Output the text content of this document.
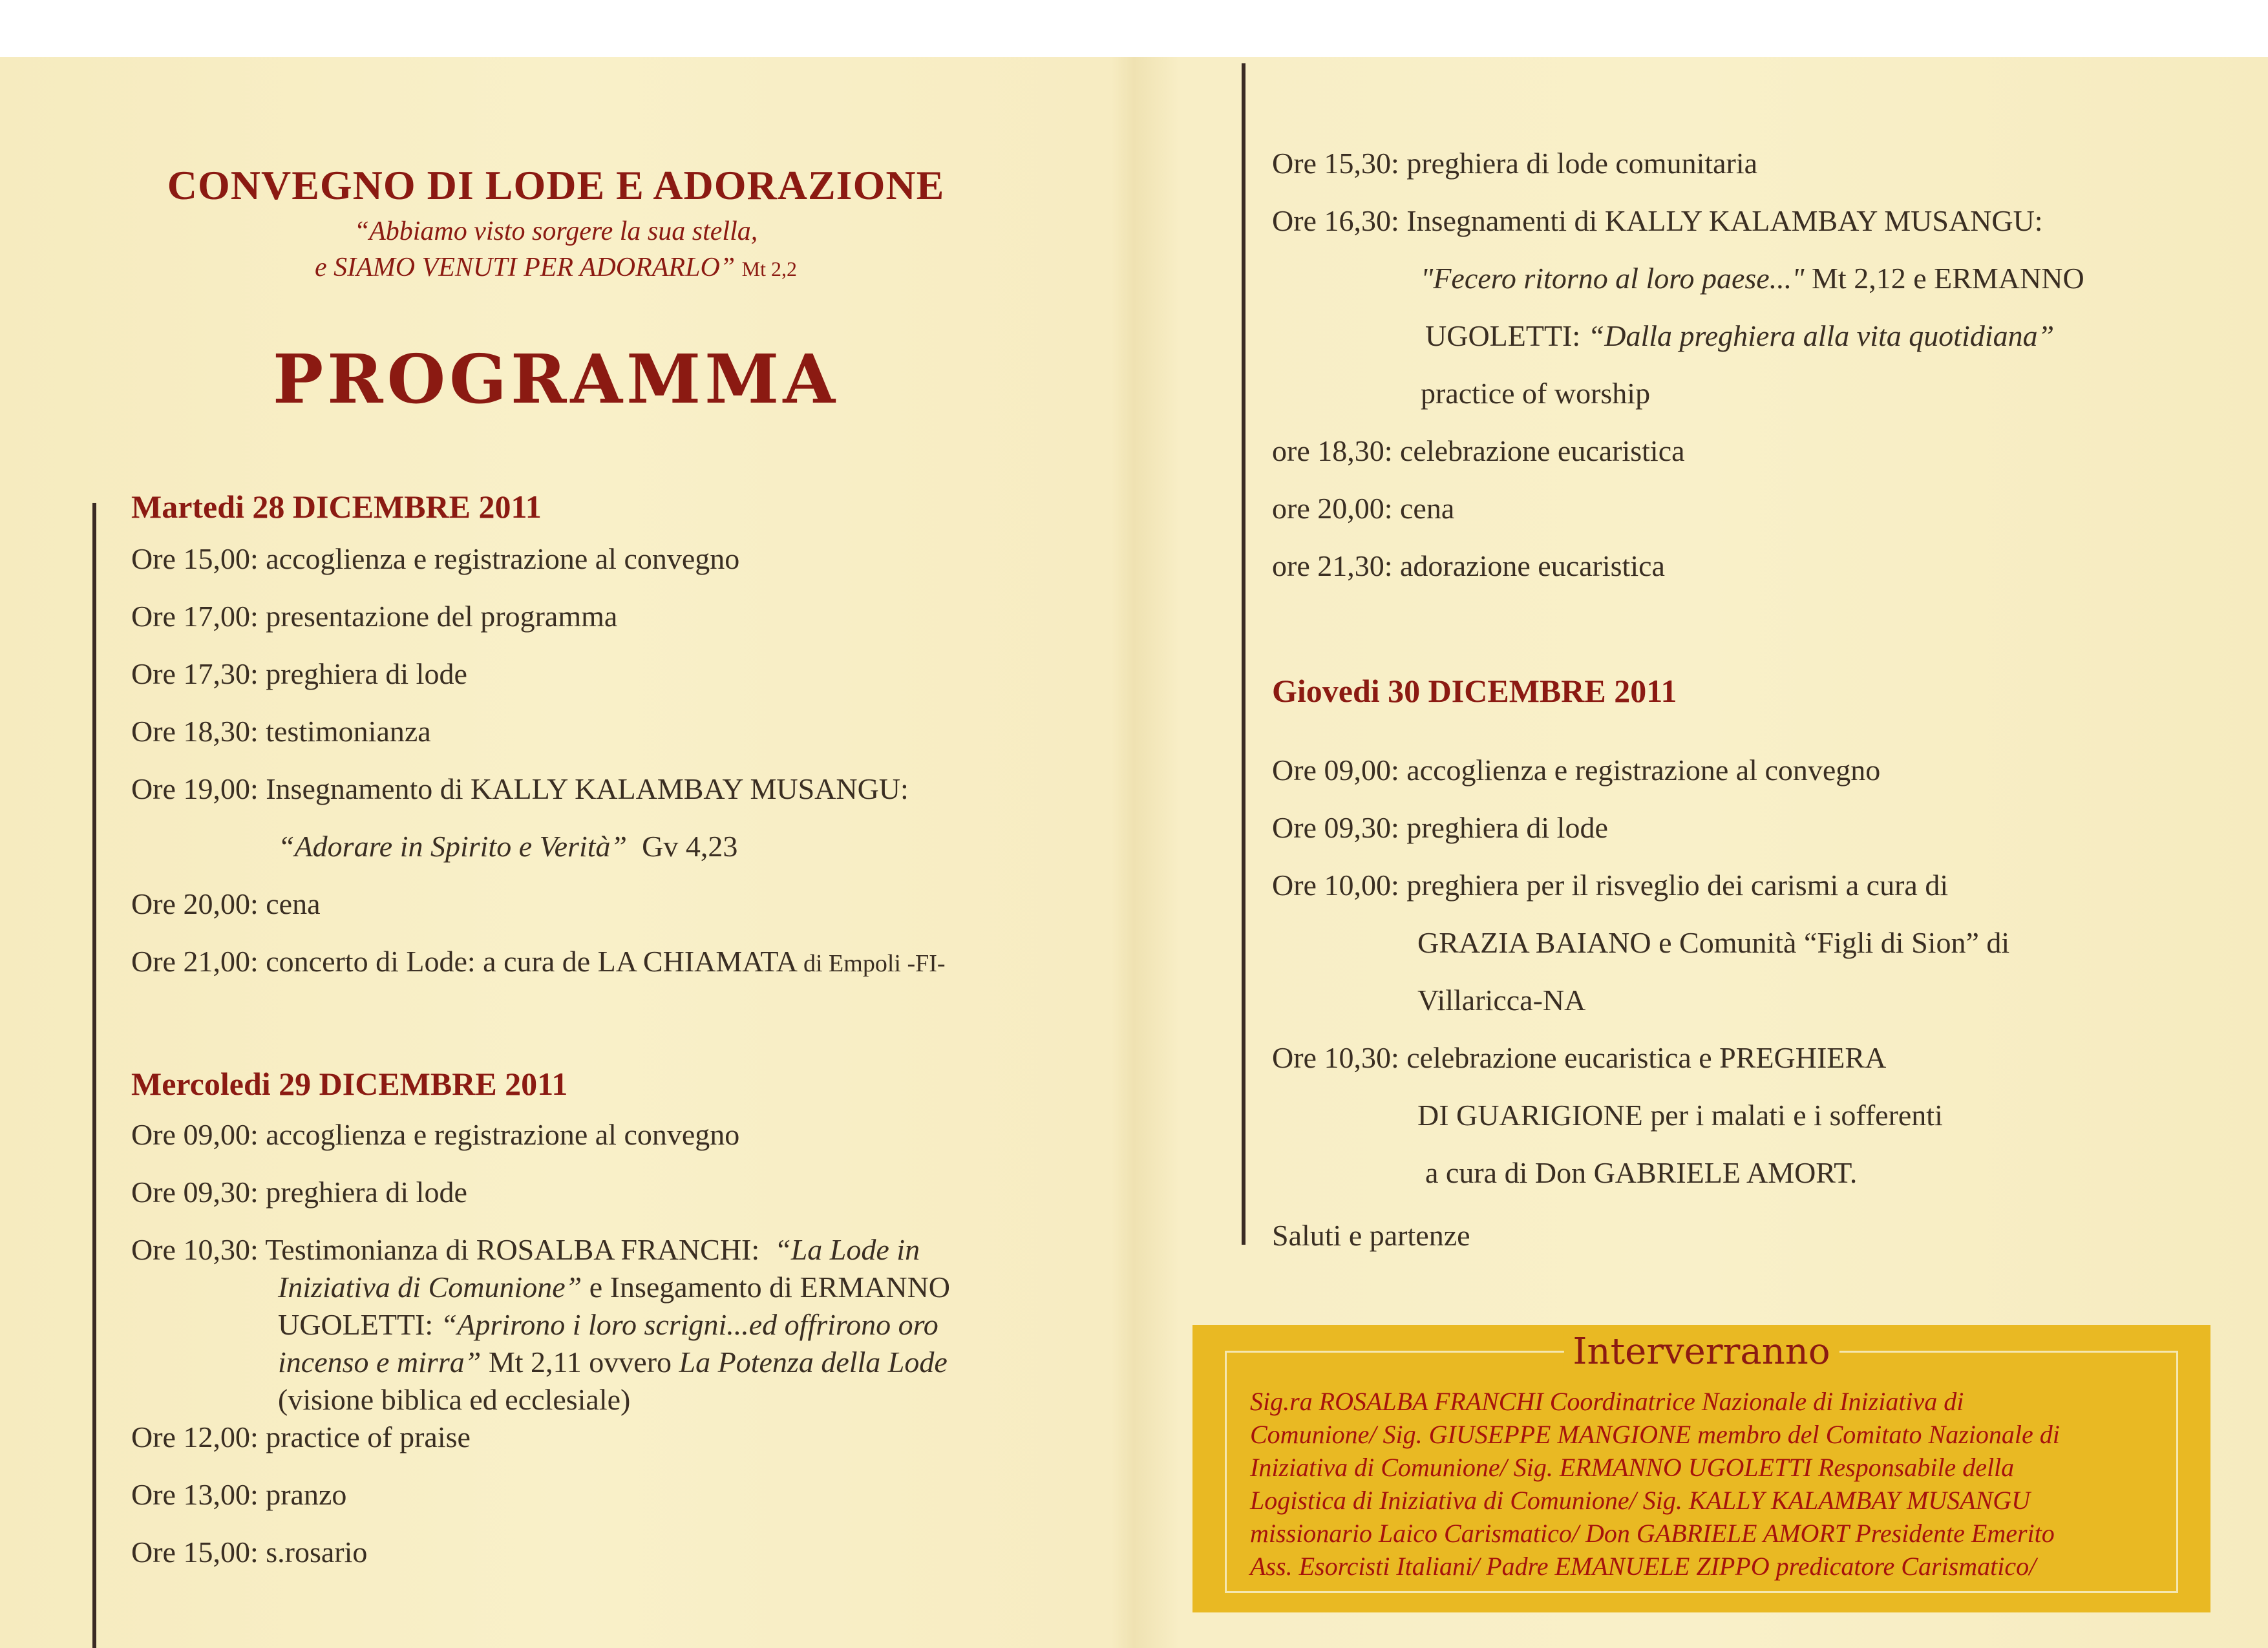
CONVEGNO DI LODE E ADORAZIONE
“Abbiamo visto sorgere la sua stella,
e SIAMO VENUTI PER ADORARLO” Mt 2,2
PROGRAMMA
Martedi 28 DICEMBRE 2011
Ore 15,00: accoglienza e registrazione al convegno
Ore 17,00: presentazione del programma
Ore 17,30: preghiera di lode
Ore 18,30: testimonianza
Ore 19,00: Insegnamento di KALLY KALAMBAY MUSANGU:
“Adorare in Spirito e Verità” Gv 4,23
Ore 20,00: cena
Ore 21,00: concerto di Lode: a cura de LA CHIAMATA di Empoli -FI-
Mercoledi 29 DICEMBRE 2011
Ore 09,00: accoglienza e registrazione al convegno
Ore 09,30: preghiera di lode
Ore 10,30: Testimonianza di ROSALBA FRANCHI: “La Lode in
Iniziativa di Comunione” e Insegamento di ERMANNO
UGOLETTI: “Aprirono i loro scrigni...ed offrirono oro
incenso e mirra” Mt 2,11 ovvero La Potenza della Lode
(visione biblica ed ecclesiale)
Ore 12,00: practice of praise
Ore 13,00: pranzo
Ore 15,00: s.rosario
Ore 15,30: preghiera di lode comunitaria
Ore 16,30: Insegnamenti di KALLY KALAMBAY MUSANGU:
"Fecero ritorno al loro paese..." Mt 2,12 e ERMANNO
UGOLETTI: “Dalla preghiera alla vita quotidiana”
practice of worship
ore 18,30: celebrazione eucaristica
ore 20,00: cena
ore 21,30: adorazione eucaristica
Giovedi 30 DICEMBRE 2011
Ore 09,00: accoglienza e registrazione al convegno
Ore 09,30: preghiera di lode
Ore 10,00: preghiera per il risveglio dei carismi a cura di
GRAZIA BAIANO e Comunità “Figli di Sion” di
Villaricca-NA
Ore 10,30: celebrazione eucaristica e PREGHIERA
DI GUARIGIONE per i malati e i sofferenti
a cura di Don GABRIELE AMORT.
Saluti e partenze
Interverranno
Sig.ra ROSALBA FRANCHI Coordinatrice Nazionale di Iniziativa di
Comunione/ Sig. GIUSEPPE MANGIONE membro del Comitato Nazionale di
Iniziativa di Comunione/ Sig. ERMANNO UGOLETTI Responsabile della
Logistica di Iniziativa di Comunione/ Sig. KALLY KALAMBAY MUSANGU
missionario Laico Carismatico/ Don GABRIELE AMORT Presidente Emerito
Ass. Esorcisti Italiani/ Padre EMANUELE ZIPPO predicatore Carismatico/
